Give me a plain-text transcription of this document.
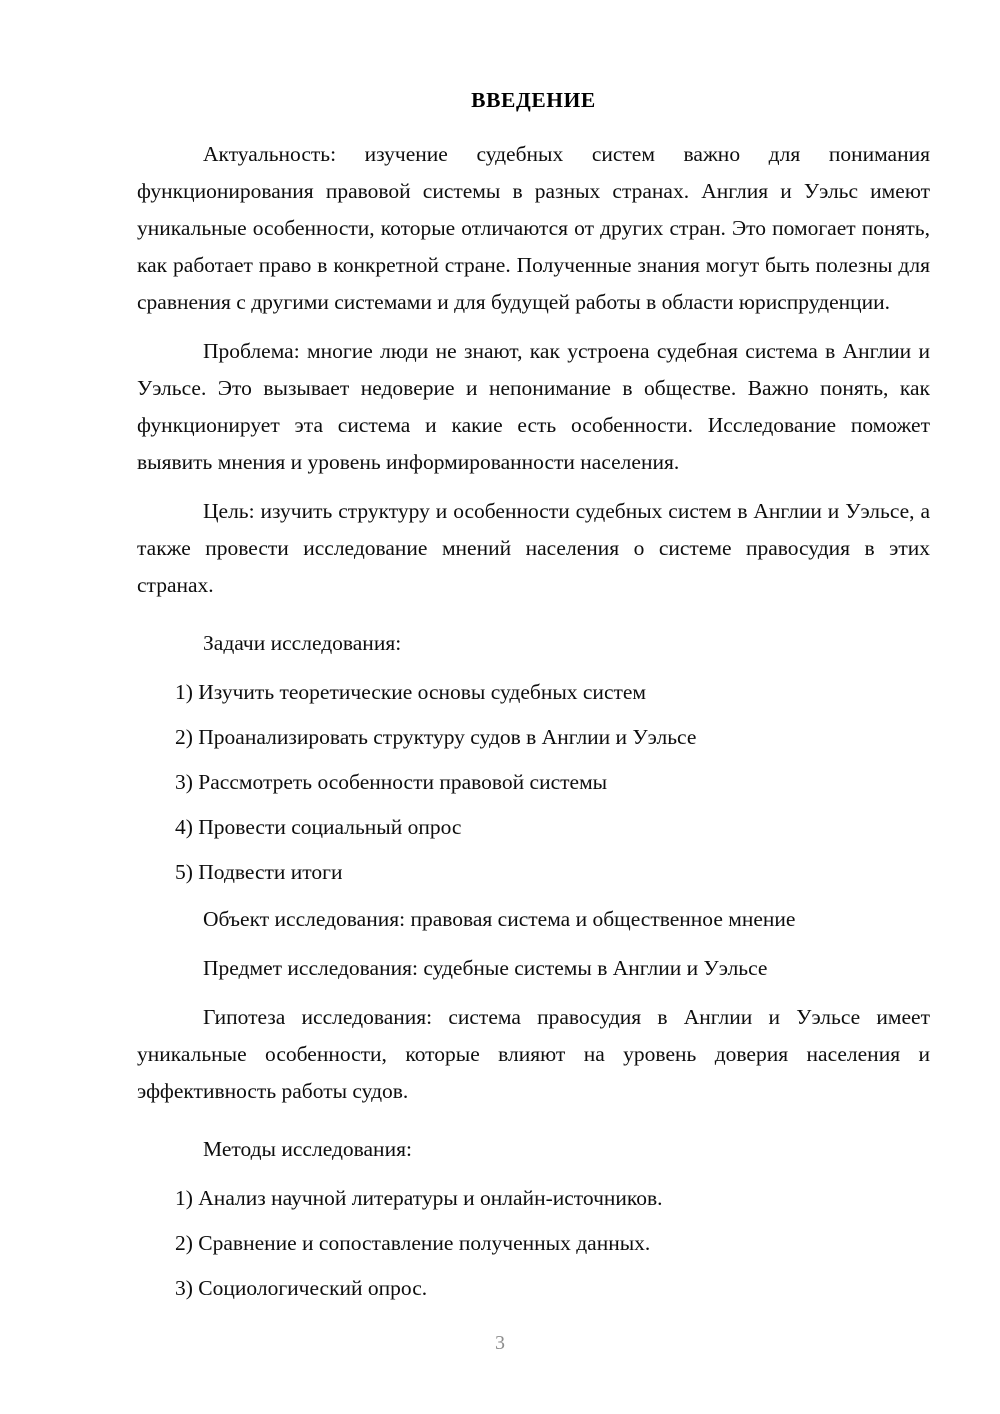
ВВЕДЕНИЕ

Актуальность: изучение судебных систем важно для понимания функционирования правовой системы в разных странах. Англия и Уэльс имеют уникальные особенности, которые отличаются от других стран. Это помогает понять, как работает право в конкретной стране. Полученные знания могут быть полезны для сравнения с другими системами и для будущей работы в области юриспруденции.

Проблема: многие люди не знают, как устроена судебная система в Англии и Уэльсе. Это вызывает недоверие и непонимание в обществе. Важно понять, как функционирует эта система и какие есть особенности. Исследование поможет выявить мнения и уровень информированности населения.

Цель: изучить структуру и особенности судебных систем в Англии и Уэльсе, а также провести исследование мнений населения о системе правосудия в этих странах.

Задачи исследования:

1) Изучить теоретические основы судебных систем
2) Проанализировать структуру судов в Англии и Уэльсе
3) Рассмотреть особенности правовой системы
4) Провести социальный опрос
5) Подвести итоги

Объект исследования: правовая система и общественное мнение

Предмет исследования: судебные системы в Англии и Уэльсе

Гипотеза исследования: система правосудия в Англии и Уэльсе имеет уникальные особенности, которые влияют на уровень доверия населения и эффективность работы судов.

Методы исследования:

1) Анализ научной литературы и онлайн-источников.
2) Сравнение и сопоставление полученных данных.
3) Социологический опрос.
3
